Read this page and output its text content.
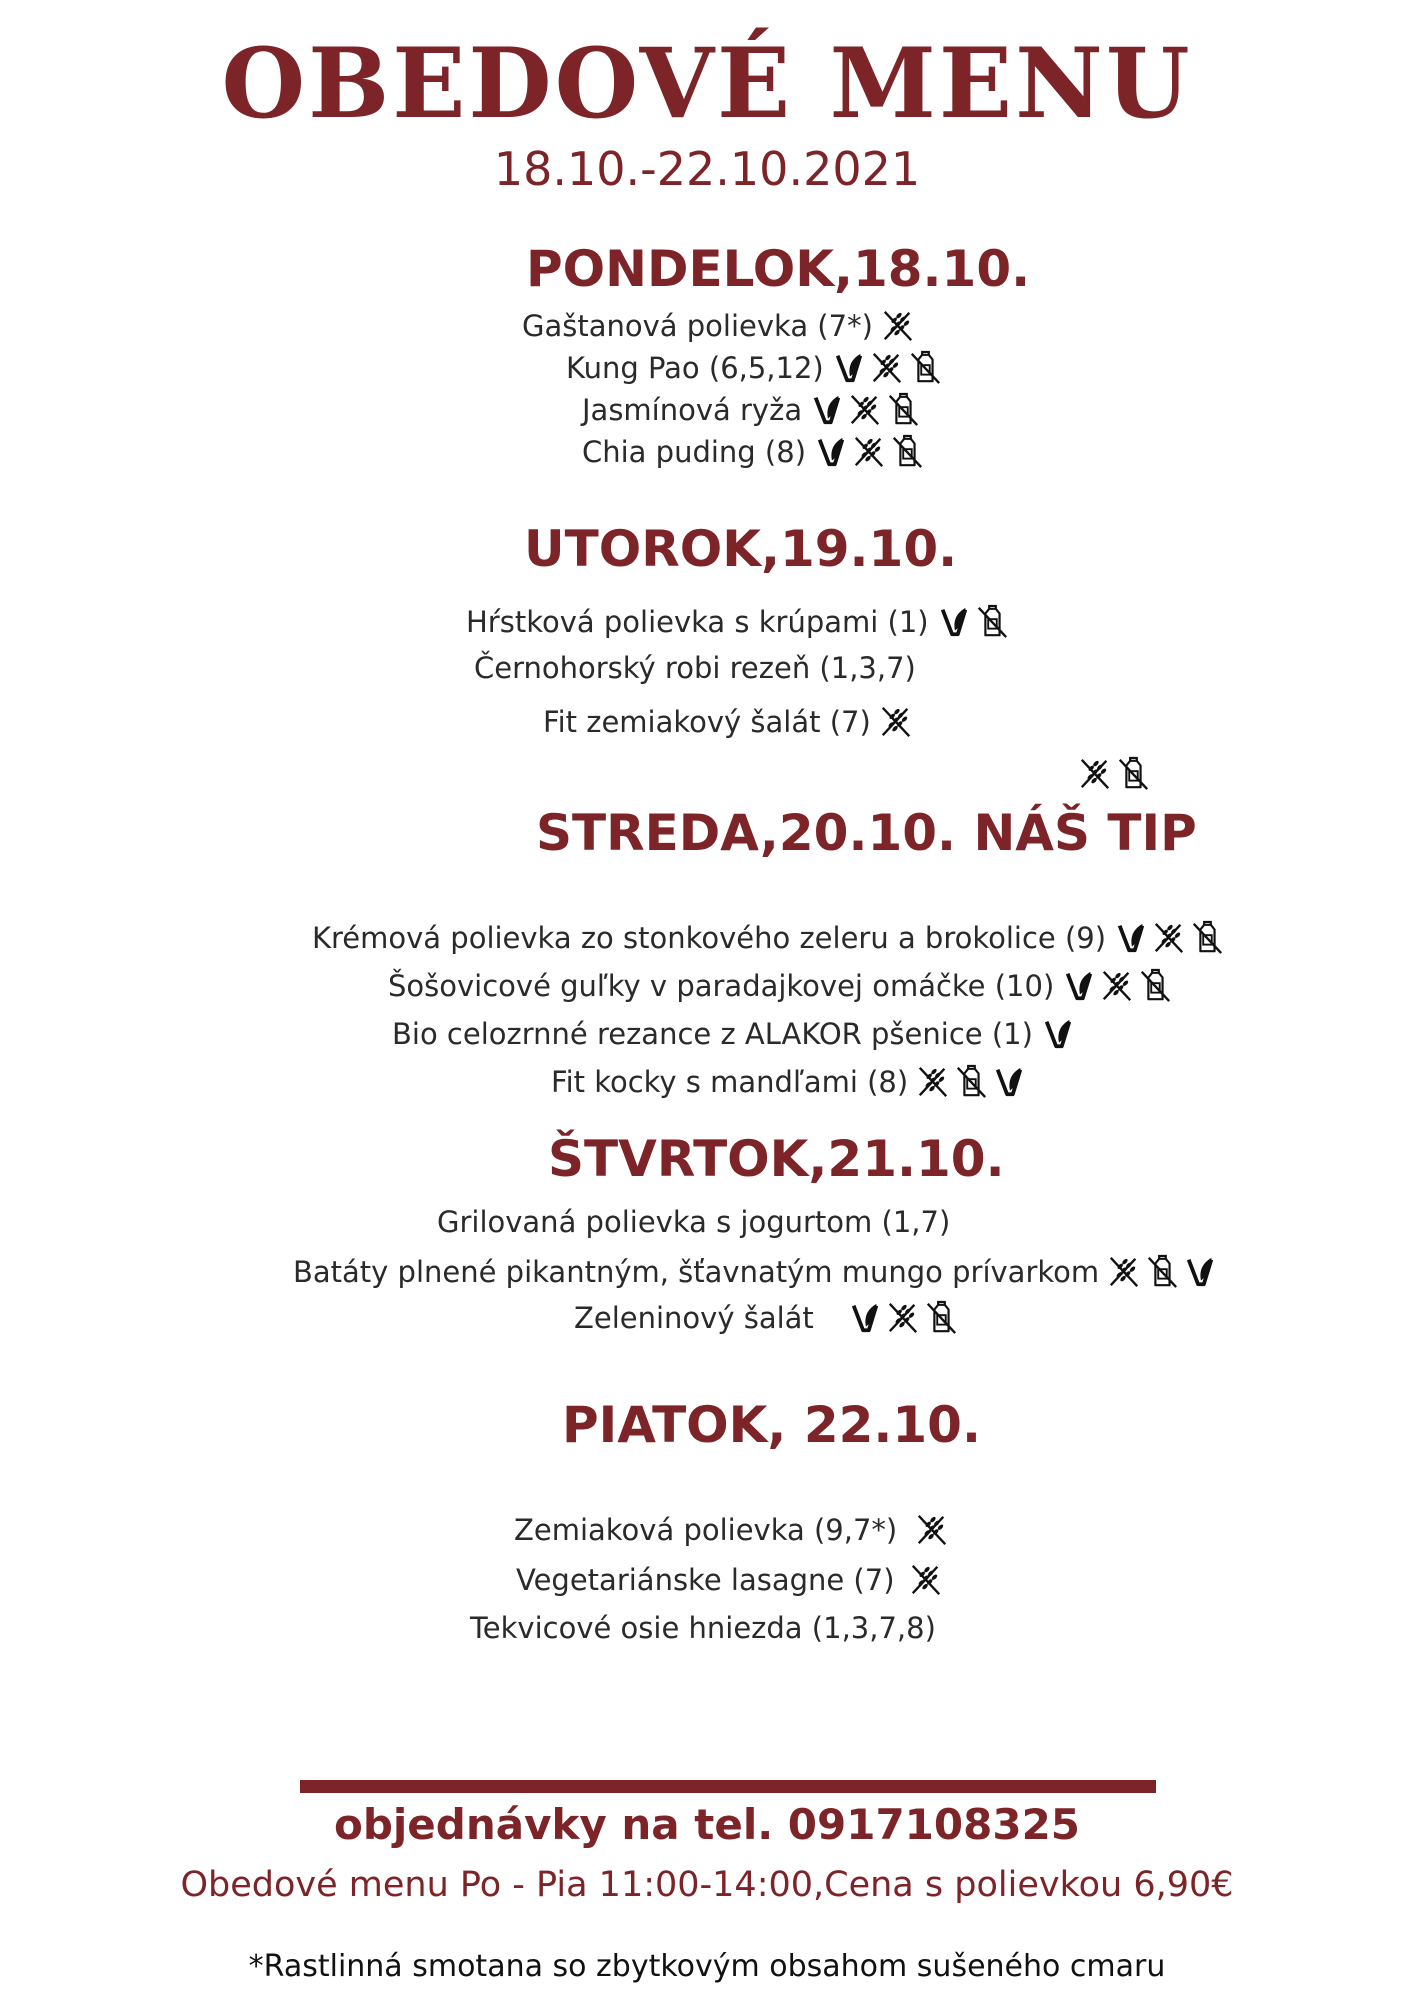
OBEDOVÉ MENU
18.10.-22.10.2021
PONDELOK,18.10.
Gaštanová polievka (7*)
Kung Pao (6,5,12)
Jasmínová ryža
Chia puding (8)
UTOROK,19.10.
Hŕstková polievka s krúpami (1)
Černohorský robi rezeň (1,3,7)
Fit zemiakový šalát (7)
STREDA,20.10. NÁŠ TIP
Krémová polievka zo stonkového zeleru a brokolice (9)
Šošovicové guľky v paradajkovej omáčke (10)
Bio celozrnné rezance z ALAKOR pšenice (1)
Fit kocky s mandľami (8)
ŠTVRTOK,21.10.
Grilovaná polievka s jogurtom (1,7)
Batáty plnené pikantným, šťavnatým mungo prívarkom
Zeleninový šalát
PIATOK, 22.10.
Zemiaková polievka (9,7*)
Vegetariánske lasagne (7)
Tekvicové osie hniezda (1,3,7,8)
objednávky na tel. 0917108325
Obedové menu Po - Pia 11:00-14:00,Cena s polievkou 6,90€
*Rastlinná smotana so zbytkovým obsahom sušeného cmaru
